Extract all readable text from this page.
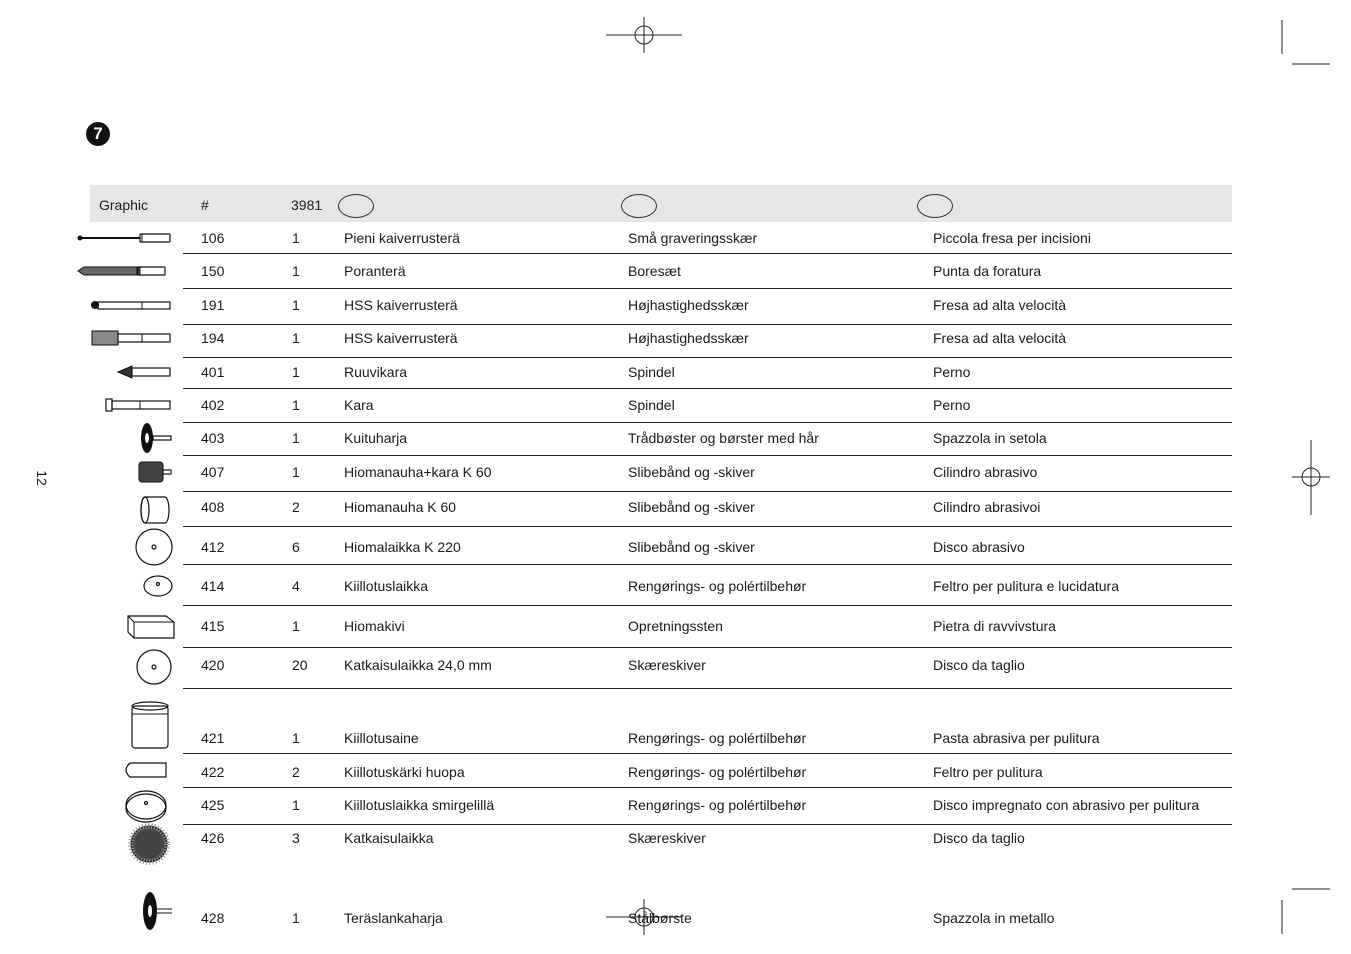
7
12
Graphic	#	3981
106	1	Pieni kaiverrusterä	Små graveringsskær	Piccola fresa per incisioni
150	1	Poranterä	Boresæt	Punta da foratura
191	1	HSS kaiverrusterä	Højhastighedsskær	Fresa ad alta velocità
194	1	HSS kaiverrusterä	Højhastighedsskær	Fresa ad alta velocità
401	1	Ruuvikara	Spindel	Perno
402	1	Kara	Spindel	Perno
403	1	Kuituharja	Trådbøster og børster med hår	Spazzola in setola
407	1	Hiomanauha+kara K 60	Slibebånd og -skiver	Cilindro abrasivo
408	2	Hiomanauha K 60	Slibebånd og -skiver	Cilindro abrasivoi
412	6	Hiomalaikka K 220	Slibebånd og -skiver	Disco abrasivo
414	4	Kiillotuslaikka	Rengørings- og polértilbehør	Feltro per pulitura e lucidatura
415	1	Hiomakivi	Opretningssten	Pietra di ravvivstura
420	20	Katkaisulaikka 24,0 mm	Skæreskiver	Disco da taglio
421	1	Kiillotusaine	Rengørings- og polértilbehør	Pasta abrasiva per pulitura
422	2	Kiillotuskärki huopa	Rengørings- og polértilbehør	Feltro per pulitura
425	1	Kiillotuslaikka smirgelillä	Rengørings- og polértilbehør	Disco impregnato con abrasivo per pulitura
426	3	Katkaisulaikka	Skæreskiver	Disco da taglio
428	1	Teräslankaharja	Stålbørste	Spazzola in metallo
